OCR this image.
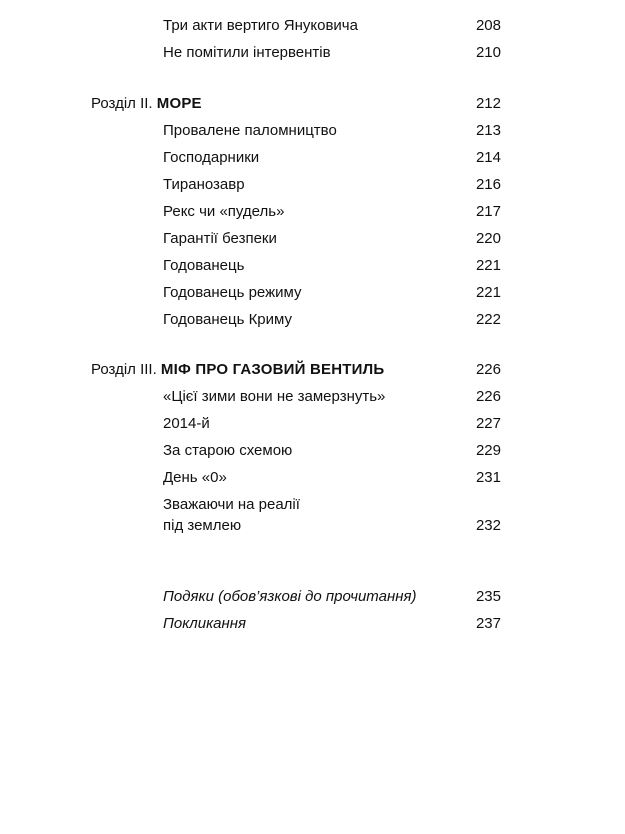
Три акти вертиго Януковича	208
Не помітили інтервентів	210
Розділ II. МОРЕ	212
Провалене паломництво	213
Господарники	214
Тиранозавр	216
Рекс чи «пудель»	217
Гарантії безпеки	220
Годованець	221
Годованець режиму	221
Годованець Криму	222
Розділ III. МІФ ПРО ГАЗОВИЙ ВЕНТИЛЬ	226
«Цієї зими вони не замерзнуть»	226
2014-й	227
За старою схемою	229
День «0»	231
Зважаючи на реалії
під землею	232
Подяки (обов’язкові до прочитання)	235
Покликання	237
